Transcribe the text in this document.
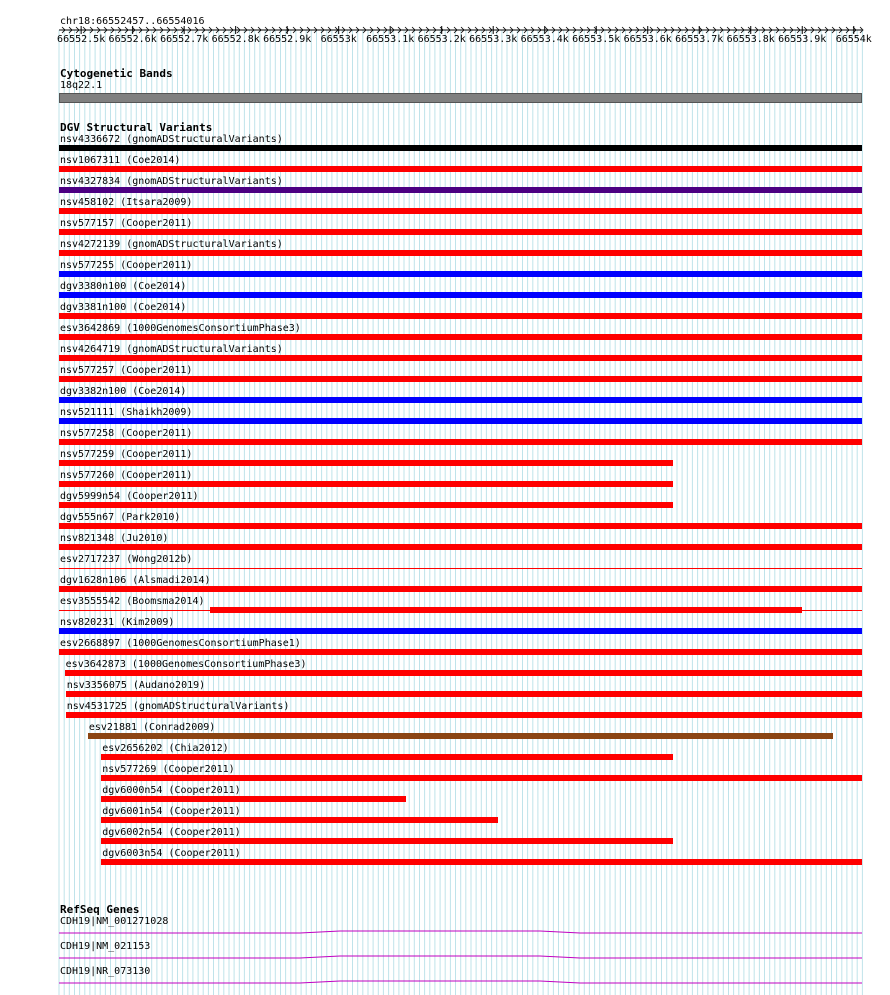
chr18:66552457..66554016
66552.5k 66552.6k 66552.7k 66552.8k 66552.9k 66553k 66553.1k 66553.2k 66553.3k 66553.4k 66553.5k 66553.6k 66553.7k 66553.8k 66553.9k 66554k
Cytogenetic Bands
18q22.1
DGV Structural Variants
nsv4336672 (gnomADStructuralVariants)
nsv1067311 (Coe2014)
nsv4327834 (gnomADStructuralVariants)
nsv458102 (Itsara2009)
nsv577157 (Cooper2011)
nsv4272139 (gnomADStructuralVariants)
nsv577255 (Cooper2011)
dgv3380n100 (Coe2014)
dgv3381n100 (Coe2014)
esv3642869 (1000GenomesConsortiumPhase3)
nsv4264719 (gnomADStructuralVariants)
nsv577257 (Cooper2011)
dgv3382n100 (Coe2014)
nsv521111 (Shaikh2009)
nsv577258 (Cooper2011)
nsv577259 (Cooper2011)
nsv577260 (Cooper2011)
dgv5999n54 (Cooper2011)
dgv555n67 (Park2010)
nsv821348 (Ju2010)
esv2717237 (Wong2012b)
dgv1628n106 (Alsmadi2014)
esv3555542 (Boomsma2014)
nsv820231 (Kim2009)
esv2668897 (1000GenomesConsortiumPhase1)
esv3642873 (1000GenomesConsortiumPhase3)
nsv3356075 (Audano2019)
nsv4531725 (gnomADStructuralVariants)
esv21881 (Conrad2009)
esv2656202 (Chia2012)
nsv577269 (Cooper2011)
dgv6000n54 (Cooper2011)
dgv6001n54 (Cooper2011)
dgv6002n54 (Cooper2011)
dgv6003n54 (Cooper2011)
RefSeq Genes
CDH19|NM_001271028
CDH19|NM_021153
CDH19|NR_073130
